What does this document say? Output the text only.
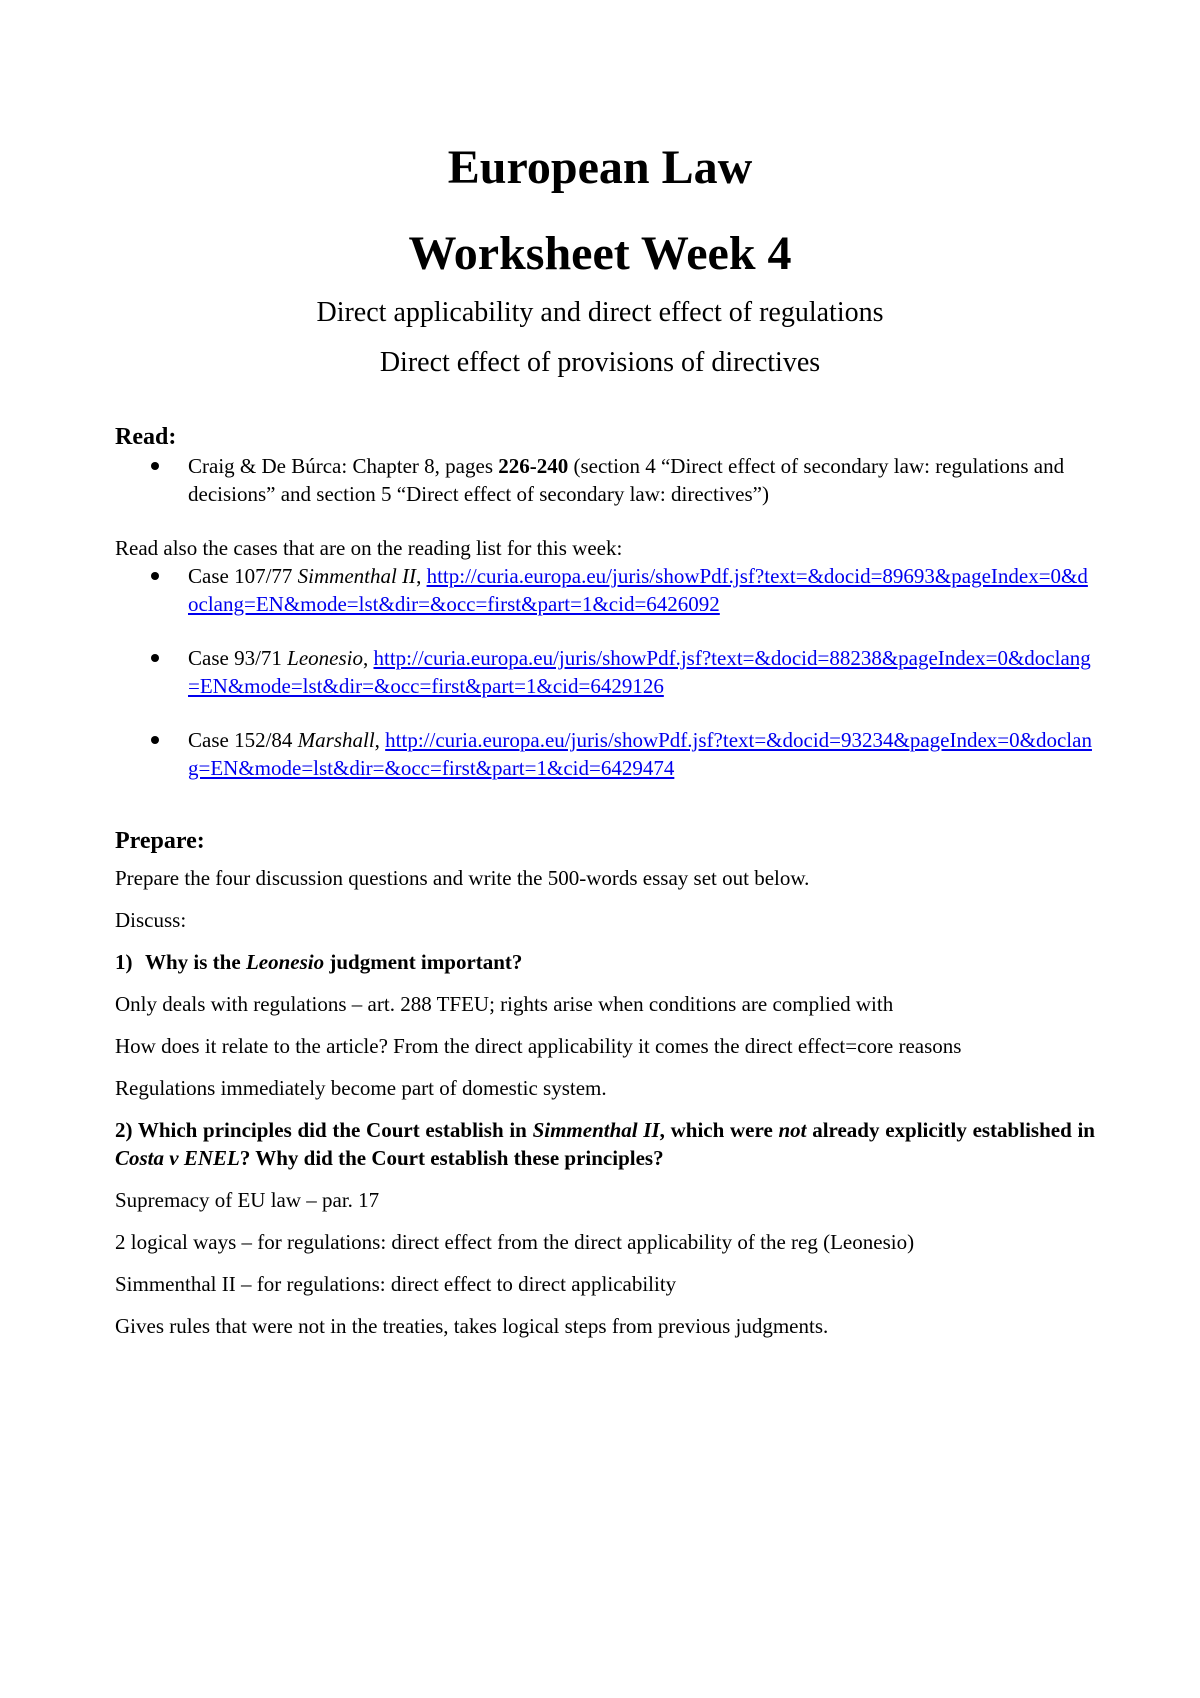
European Law

Worksheet Week 4

Direct applicability and direct effect of regulations

Direct effect of provisions of directives

Read:

Craig & De Búrca: Chapter 8, pages 226-240 (section 4 “Direct effect of secondary law: regulations and decisions” and section 5 “Direct effect of secondary law: directives”)

Read also the cases that are on the reading list for this week:

Case 107/77 Simmenthal II, http://curia.europa.eu/juris/showPdf.jsf?text=&docid=89693&pageIndex=0&doclang=EN&mode=lst&dir=&occ=first&part=1&cid=6426092
Case 93/71 Leonesio, http://curia.europa.eu/juris/showPdf.jsf?text=&docid=88238&pageIndex=0&doclang=EN&mode=lst&dir=&occ=first&part=1&cid=6429126
Case 152/84 Marshall, http://curia.europa.eu/juris/showPdf.jsf?text=&docid=93234&pageIndex=0&doclang=EN&mode=lst&dir=&occ=first&part=1&cid=6429474

Prepare:

Prepare the four discussion questions and write the 500-words essay set out below.

Discuss:

1) Why is the Leonesio judgment important?

Only deals with regulations – art. 288 TFEU; rights arise when conditions are complied with

How does it relate to the article? From the direct applicability it comes the direct effect=core reasons

Regulations immediately become part of domestic system.

2) Which principles did the Court establish in Simmenthal II, which were not already explicitly established in Costa v ENEL? Why did the Court establish these principles?

Supremacy of EU law – par. 17

2 logical ways – for regulations: direct effect from the direct applicability of the reg (Leonesio)

Simmenthal II – for regulations: direct effect to direct applicability

Gives rules that were not in the treaties, takes logical steps from previous judgments.
